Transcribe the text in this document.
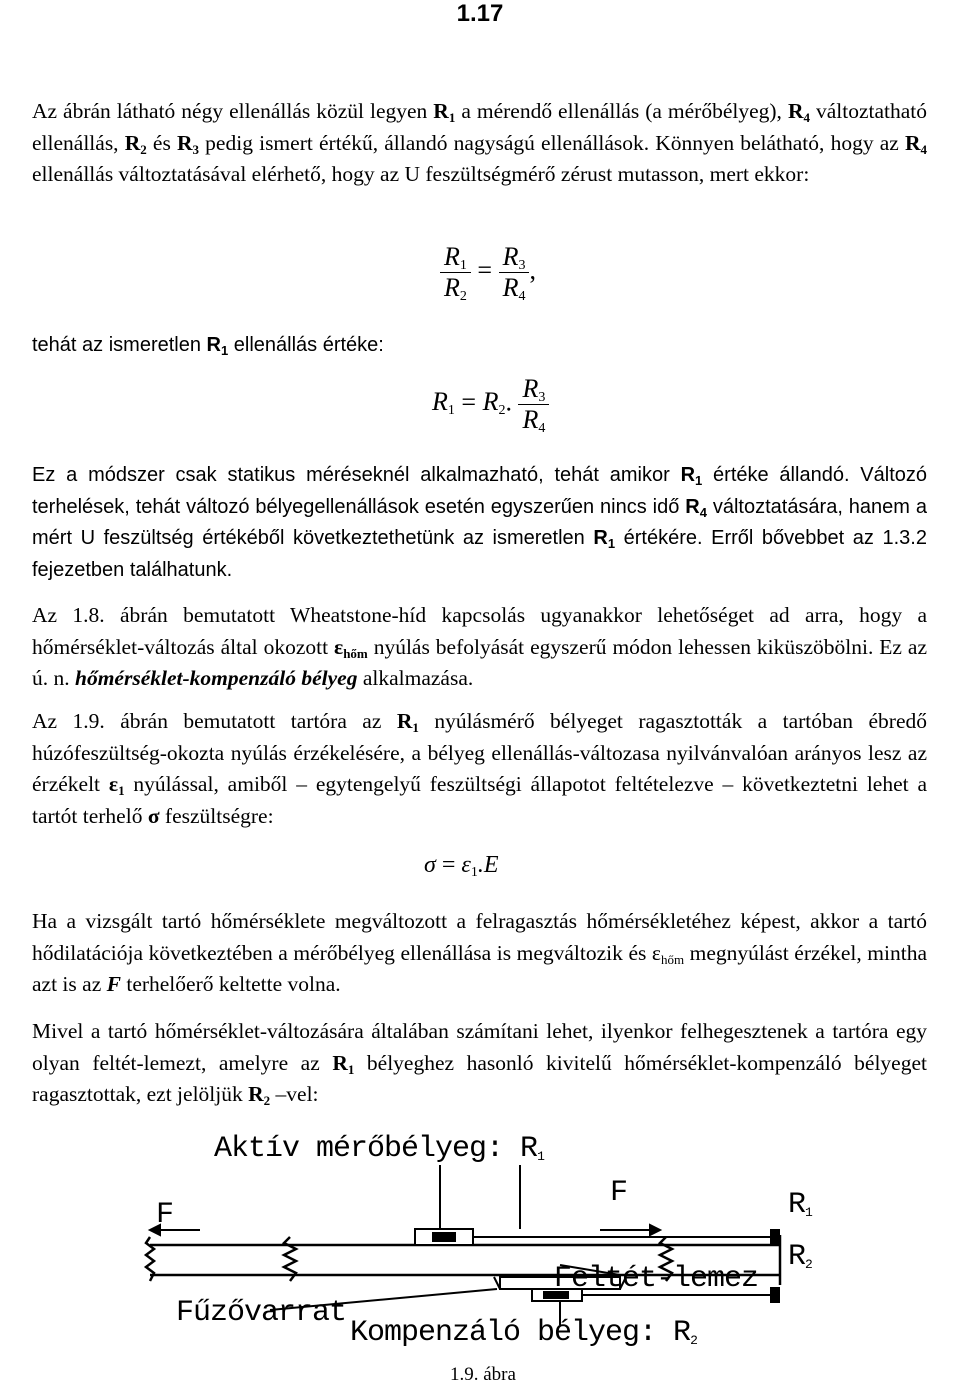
1.17
Az ábrán látható négy ellenállás közül legyen $R_1$ a mérendő ellenállás (a mérőbélyeg), $R_4$ változtatható ellenállás, $R_2$ és $R_3$ pedig ismert értékű, állandó nagyságú ellenállások. Könnyen belátható, hogy az $R_4$ ellenállás változtatásával elérhető, hogy az U feszültségmérő zérust mutasson, mert ekkor:
$\frac{R_1}{R_2} = \frac{R_3}{R_4}$ ,
tehát az ismeretlen $R_1$ ellenállás értéke:
$R_1 = R_2$. $\frac{R_3}{R_4}$
Ez a módszer csak statikus méréseknél alkalmazható, tehát amikor $R_1$ értéke állandó. Változó terhelések, tehát változó bélyegellenállások esetén egyszerűen nincs idő $R_4$ változtatására, hanem a mért U feszültség értékéből következtethetünk az ismeretlen $R_1$ értékére. Erről bővebbet az 1.3.2 fejezetben találhatunk.
Az 1.8. ábrán bemutatott Wheatstone-híd kapcsolás ugyanakkor lehetőséget ad arra, hogy a hőmérséklet-változás által okozott $\varepsilon_{hőm}$ nyúlás befolyását egyszerű módon lehessen kiküszöbölni. Ez az ú. n. hőmérséklet-kompenzáló bélyeg alkalmazása.
Az 1.9. ábrán bemutatott tartóra az $R_1$ nyúlásmérő bélyeget ragasztották a tartóban ébredő húzófeszültség-okozta nyúlás érzékelésére, a bélyeg ellenállás-változasa nyilvánvalóan arányos lesz az érzékelt $\varepsilon_1$ nyúlással, amiből – egytengelyű feszültségi állapotot feltételezve – következtetni lehet a tartót terhelő σ feszültségre:
$\sigma = \varepsilon_1.E$
Ha a vizsgált tartó hőmérséklete megváltozott a felragasztás hőmérsékletéhez képest, akkor a tartó hődilatációja következtében a mérőbélyeg ellenállása is megváltozik és $\varepsilon_{hőm}$ megnyúlást érzékel, mintha azt is az F terhelőerő keltette volna.
Mivel a tartó hőmérséklet-változására általában számítani lehet, ilyenkor felhegesztenek a tartóra egy olyan feltét-lemezt, amelyre az $R_1$ bélyeghez hasonló kivitelű hőmérséklet-kompenzáló bélyeget ragasztottak, ezt jelöljük $R_2$ –vel:
Aktív mérőbélyeg: $R_1$
F
F	$R_1$
$R_2$
Feltét-lemez
Fűzővarrat
Kompenzáló bélyeg: $R_2$
1.9. ábra
